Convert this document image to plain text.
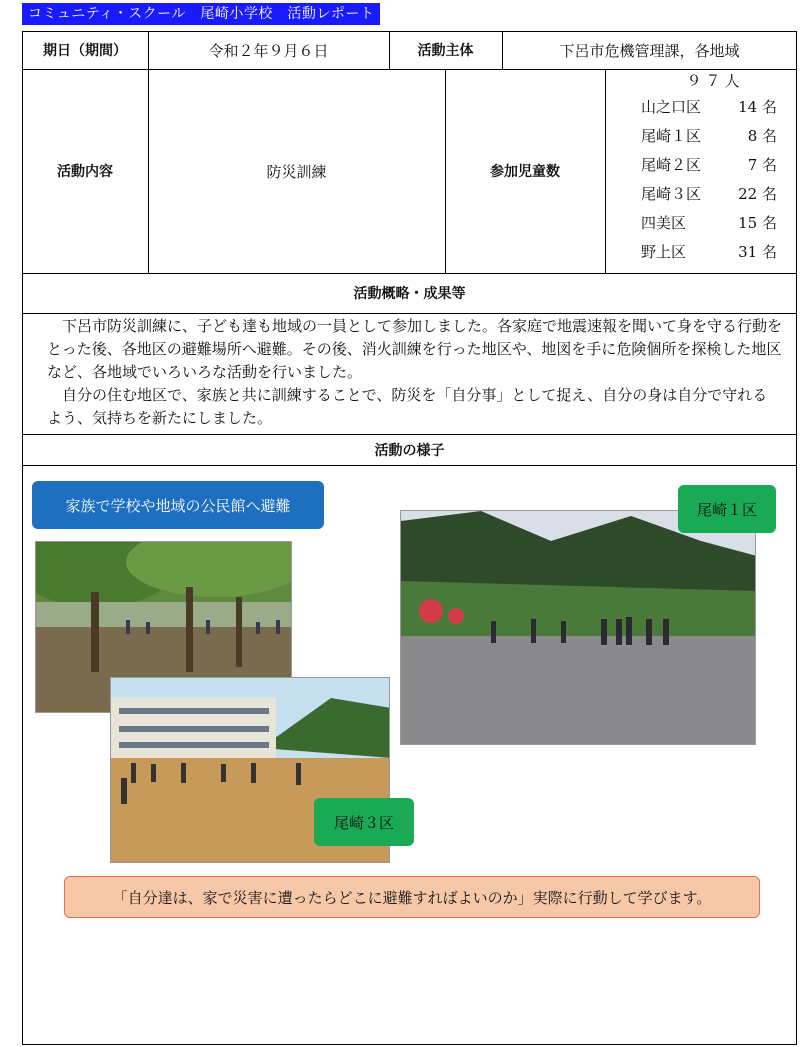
コミュニティ・スクール　尾崎小学校　活動レポート
期日（期間）	令和２年９月６日	活動主体	下呂市危機管理課，各地域
活動内容	防災訓練	参加児童数
９７人
山之口区	14 名
尾崎１区	8 名
尾崎２区	7 名
尾崎３区	22 名
四美区	15 名
野上区	31 名
活動概略・成果等

下呂市防災訓練に、子ども達も地域の一員として参加しました。各家庭で地震速報を聞いて身を守る行動をとった後、各地区の避難場所へ避難。その後、消火訓練を行った地区や、地図を手に危険個所を探検した地区など、各地域でいろいろな活動を行いました。

自分の住む地区で、家族と共に訓練することで、防災を「自分事」として捉え、自分の身は自分で守れるよう、気持ちを新たにしました。

活動の様子
家族で学校や地域の公民館へ避難	尾崎１区
尾崎３区
「自分達は、家で災害に遭ったらどこに避難すればよいのか」実際に行動して学びます。
